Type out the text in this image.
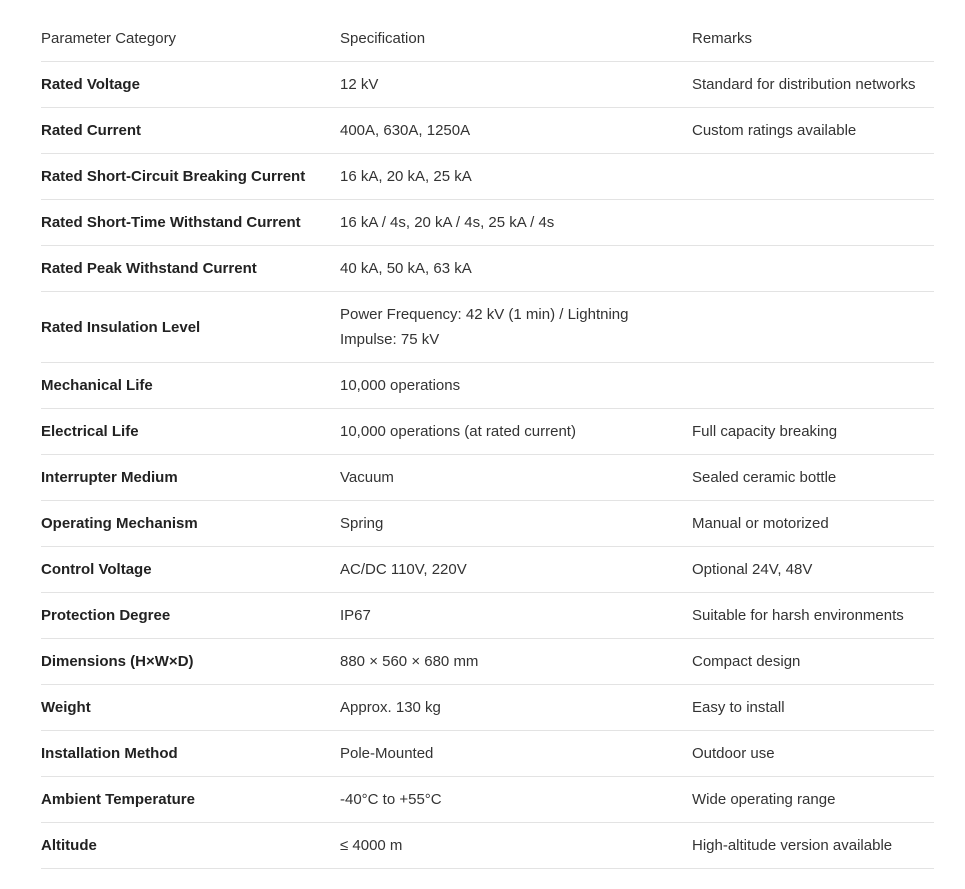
Parameter Category	Specification	Remarks
Rated Voltage	12 kV	Standard for distribution networks
Rated Current	400A, 630A, 1250A	Custom ratings available
Rated Short-Circuit Breaking Current	16 kA, 20 kA, 25 kA	
Rated Short-Time Withstand Current	16 kA / 4s, 20 kA / 4s, 25 kA / 4s	
Rated Peak Withstand Current	40 kA, 50 kA, 63 kA	
Rated Insulation Level	Power Frequency: 42 kV (1 min) / Lightning Impulse: 75 kV	
Mechanical Life	10,000 operations	
Electrical Life	10,000 operations (at rated current)	Full capacity breaking
Interrupter Medium	Vacuum	Sealed ceramic bottle
Operating Mechanism	Spring	Manual or motorized
Control Voltage	AC/DC 110V, 220V	Optional 24V, 48V
Protection Degree	IP67	Suitable for harsh environments
Dimensions (H×W×D)	880 × 560 × 680 mm	Compact design
Weight	Approx. 130 kg	Easy to install
Installation Method	Pole-Mounted	Outdoor use
Ambient Temperature	-40°C to +55°C	Wide operating range
Altitude	≤ 4000 m	High-altitude version available
